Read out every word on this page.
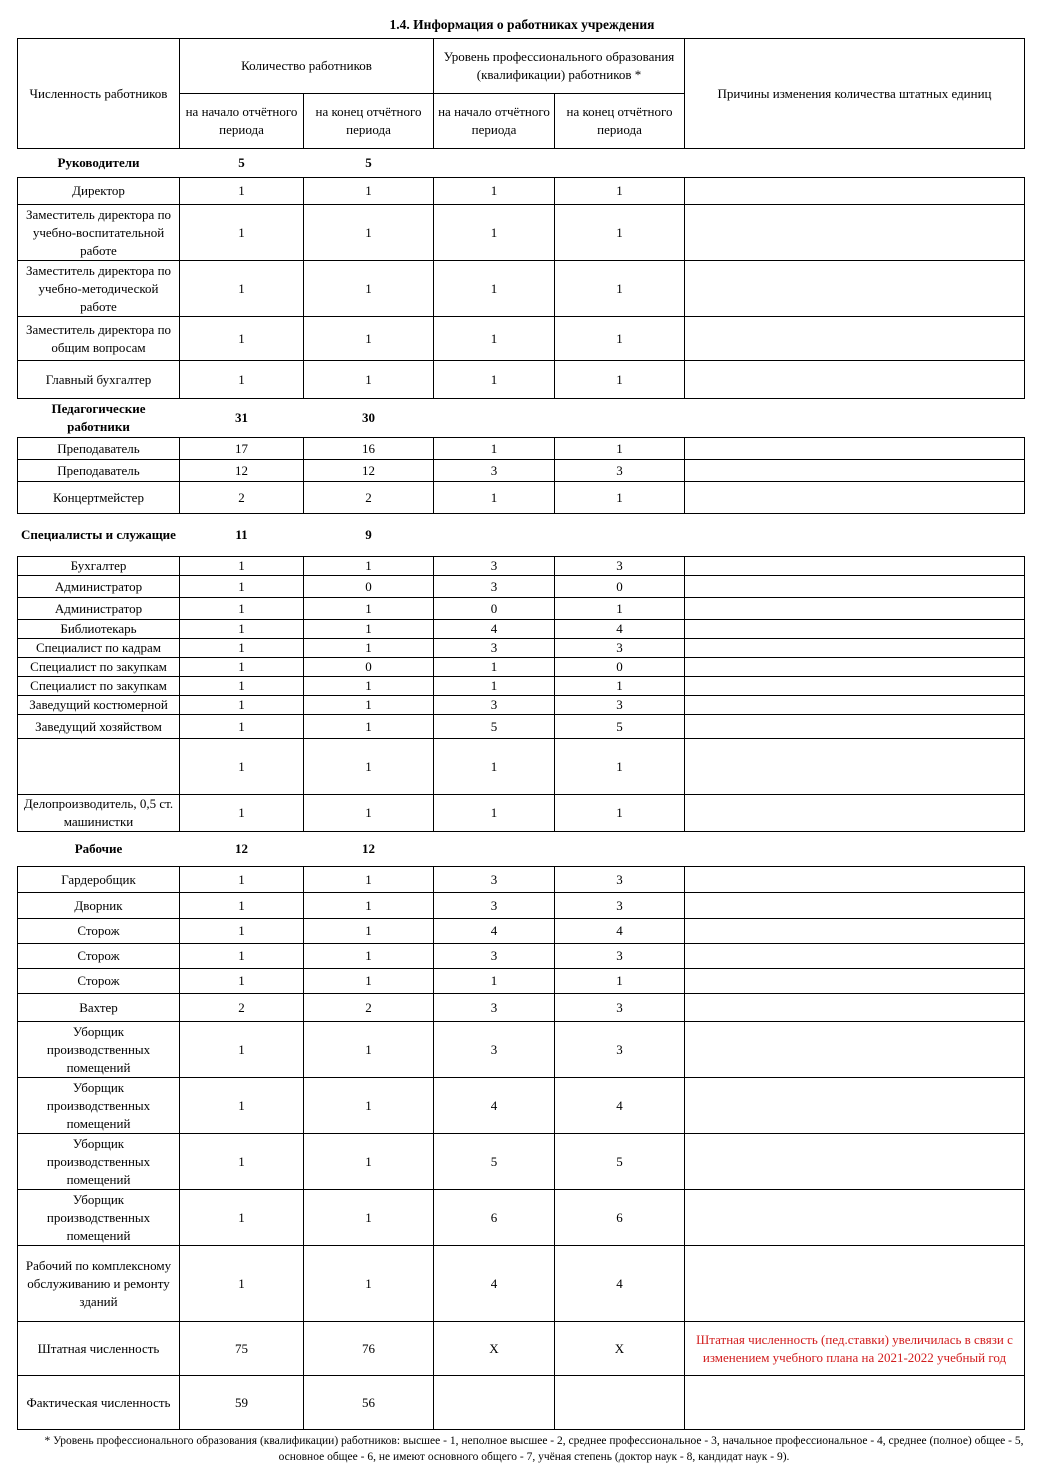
1.4. Информация о работниках учреждения
Численность работников	Количество работников		Уровень профессионального образования (квалификации) работников *		Причины изменения количества штатных единиц
	на начало отчётного периода	на конец отчётного периода	на начало отчётного периода	на конец отчётного периода	
Руководители	5	5			
Директор	1	1	1	1	
Заместитель директора по учебно-воспитательной работе	1	1	1	1	
Заместитель директора по учебно-методической работе	1	1	1	1	
Заместитель директора по общим вопросам	1	1	1	1	
Главный бухгалтер	1	1	1	1	
Педагогические работники	31	30			
Преподаватель	17	16	1	1	
Преподаватель	12	12	3	3	
Концертмейстер	2	2	1	1	
Специалисты и служащие	11	9			
Бухгалтер	1	1	3	3	
Администратор	1	0	3	0	
Администратор	1	1	0	1	
Библиотекарь	1	1	4	4	
Специалист по кадрам	1	1	3	3	
Специалист по закупкам	1	0	1	0	
Специалист по закупкам	1	1	1	1	
Заведущий костюмерной	1	1	3	3	
Заведущий хозяйством	1	1	5	5	
	1	1	1	1	
Делопроизводитель, 0,5 ст. машинистки	1	1	1	1	
Рабочие	12	12			
Гардеробщик	1	1	3	3	
Дворник	1	1	3	3	
Сторож	1	1	4	4	
Сторож	1	1	3	3	
Сторож	1	1	1	1	
Вахтер	2	2	3	3	
Уборщик производственных помещений	1	1	3	3	
Уборщик производственных помещений	1	1	4	4	
Уборщик производственных помещений	1	1	5	5	
Уборщик производственных помещений	1	1	6	6	
Рабочий по комплексному обслуживанию и ремонту зданий	1	1	4	4	
Штатная численность	75	76	Х	Х	Штатная численность (пед.ставки) увеличилась в связи с изменением учебного плана на 2021-2022 учебный год
Фактическая численность	59	56			
* Уровень профессионального образования (квалификации) работников: высшее - 1, неполное высшее - 2, среднее профессиональное - 3, начальное профессиональное - 4, среднее (полное) общее - 5, основное общее - 6, не имеют основного общего - 7, учёная степень (доктор наук - 8, кандидат наук - 9).
